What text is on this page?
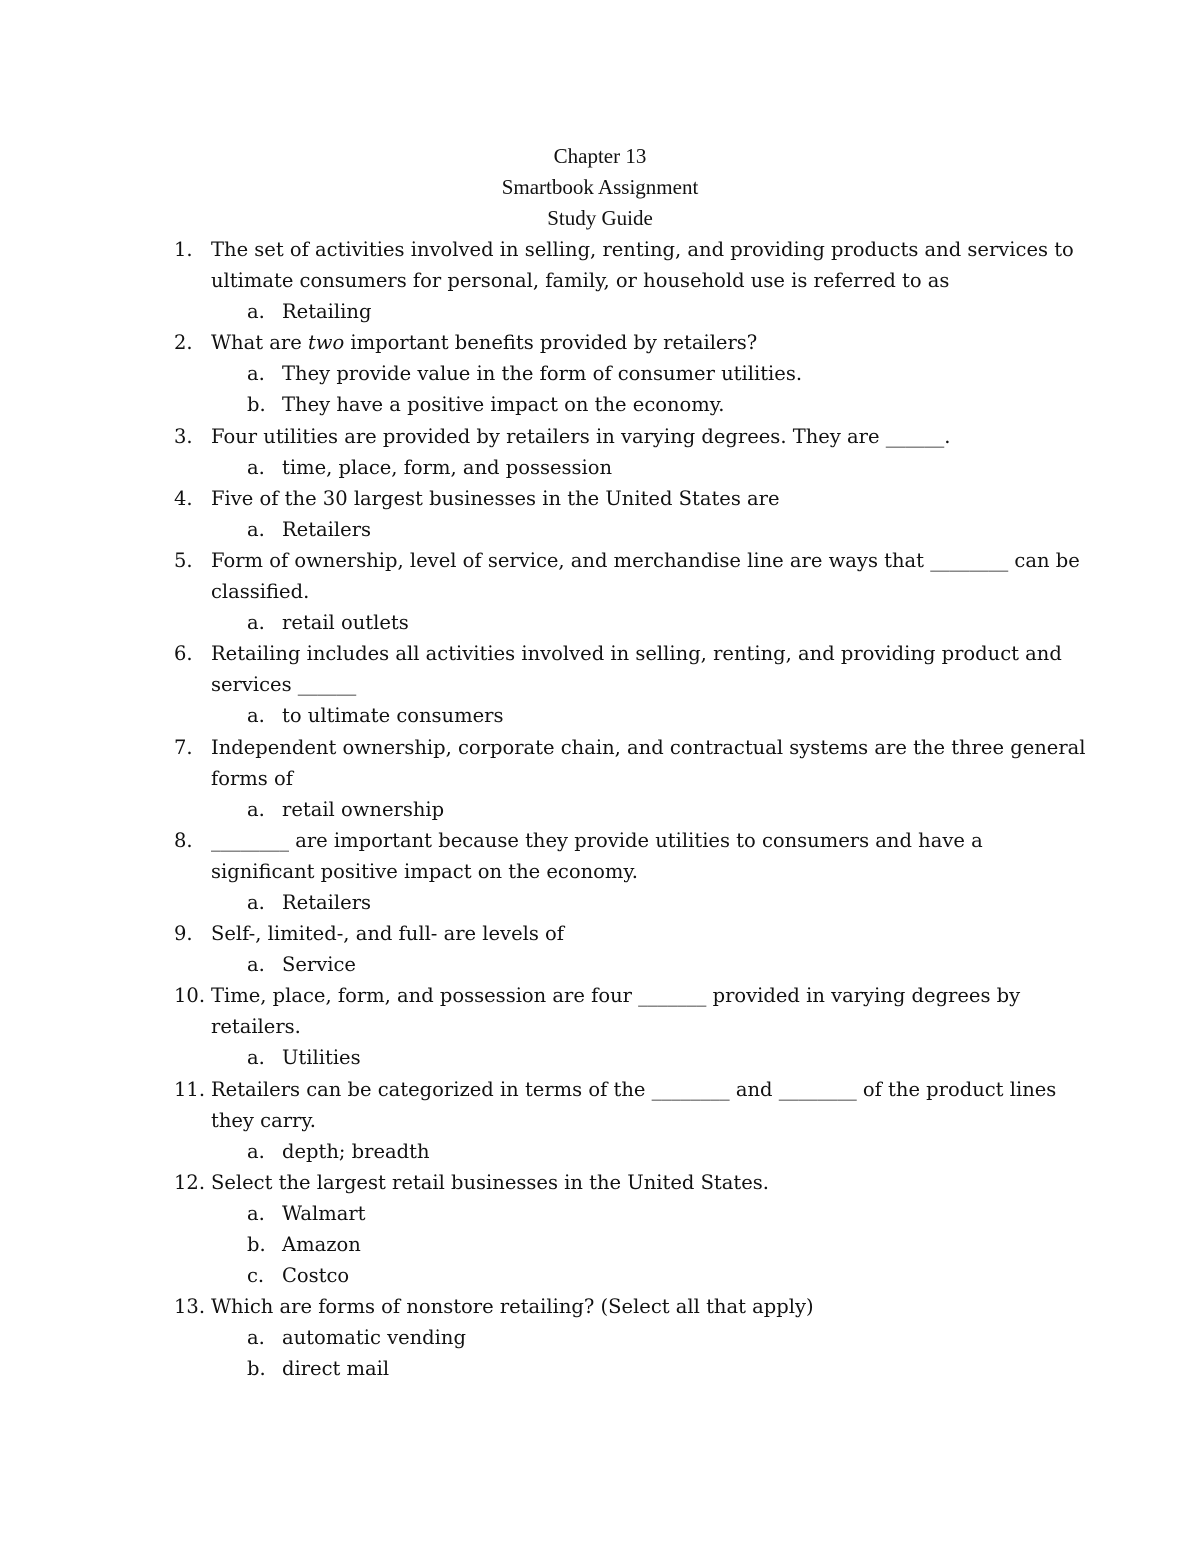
Chapter 13
Smartbook Assignment
Study Guide
1. The set of activities involved in selling, renting, and providing products and services to
ultimate consumers for personal, family, or household use is referred to as
a. Retailing
2. What are two important benefits provided by retailers?
a. They provide value in the form of consumer utilities.
b. They have a positive impact on the economy.
3. Four utilities are provided by retailers in varying degrees. They are ______.
a. time, place, form, and possession
4. Five of the 30 largest businesses in the United States are
a. Retailers
5. Form of ownership, level of service, and merchandise line are ways that ________ can be
classified.
a. retail outlets
6. Retailing includes all activities involved in selling, renting, and providing product and
services ______
a. to ultimate consumers
7. Independent ownership, corporate chain, and contractual systems are the three general
forms of
a. retail ownership
8. ________ are important because they provide utilities to consumers and have a
significant positive impact on the economy.
a. Retailers
9. Self-, limited-, and full- are levels of
a. Service
10. Time, place, form, and possession are four _______ provided in varying degrees by
retailers.
a. Utilities
11. Retailers can be categorized in terms of the ________ and ________ of the product lines
they carry.
a. depth; breadth
12. Select the largest retail businesses in the United States.
a. Walmart
b. Amazon
c. Costco
13. Which are forms of nonstore retailing? (Select all that apply)
a. automatic vending
b. direct mail
